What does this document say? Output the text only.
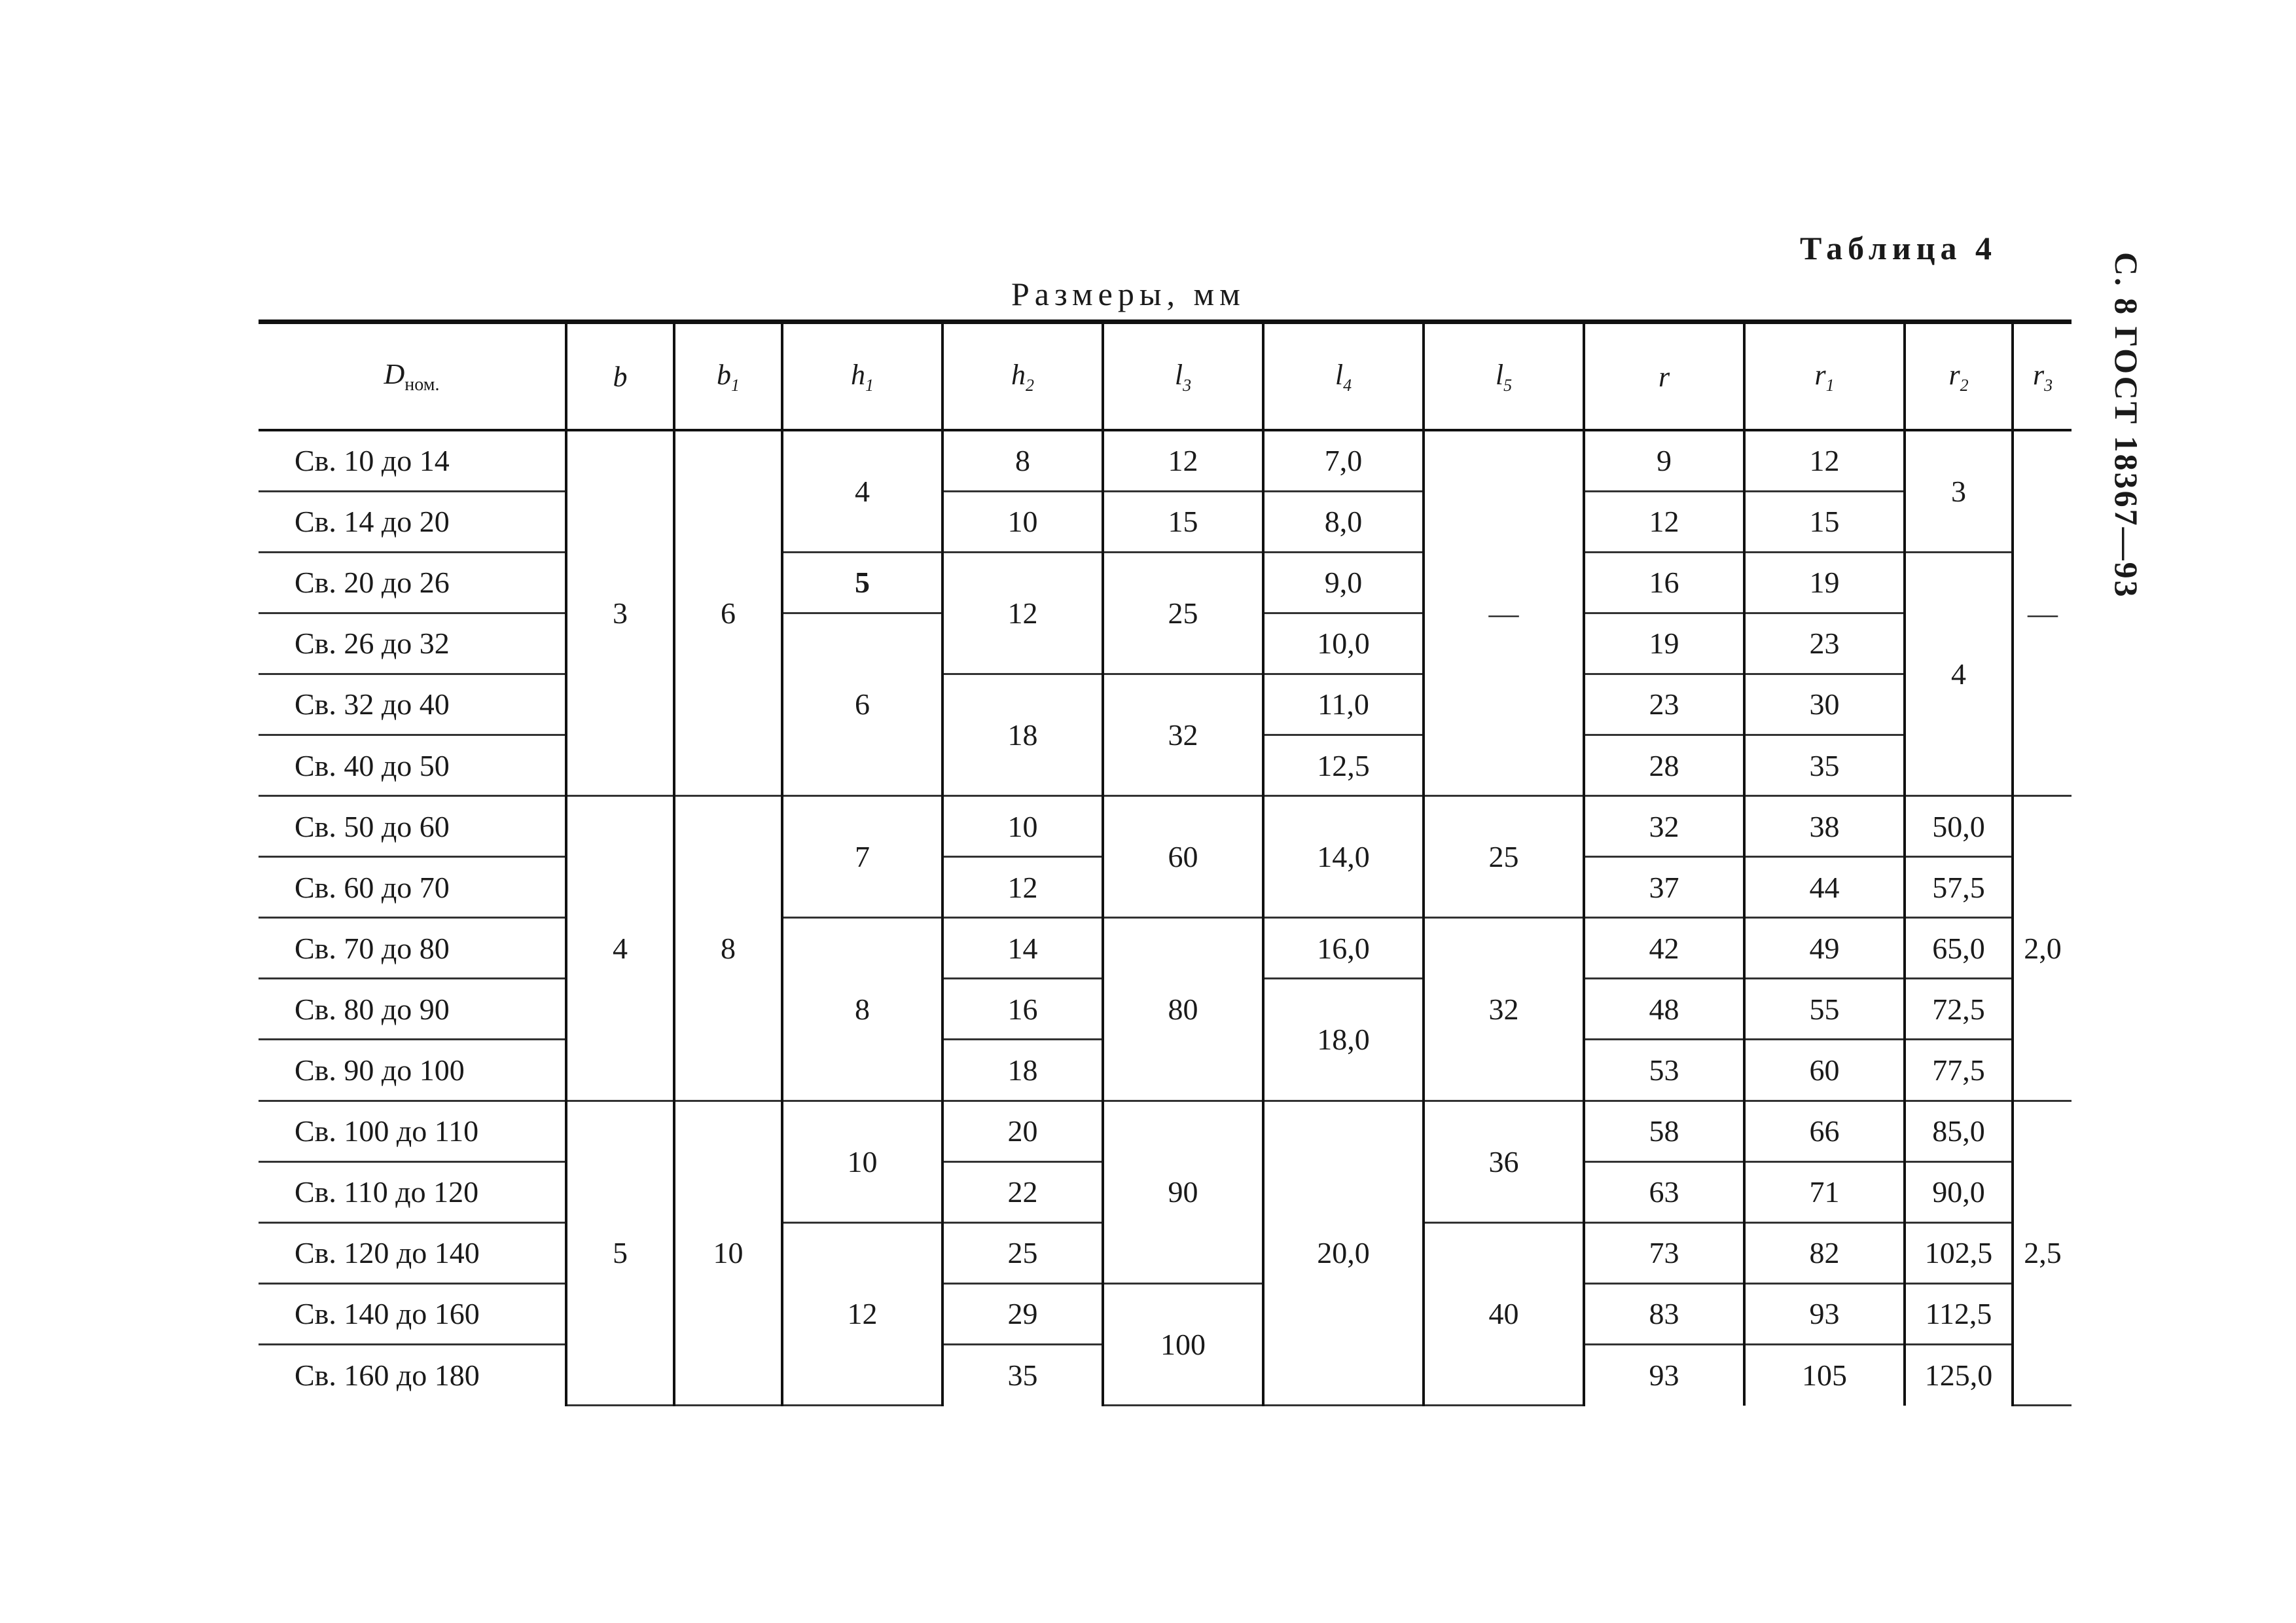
Таблица 4
Размеры, мм	С. 8 ГОСТ 18367—93
$D_{ном.}$	b	$b_1$	$h_1$	$h_2$	$l_3$	$l_4$	$l_5$	r	$r_1$	$r_2$	$r_3$
Св. 10 до 14	3	6	4	8	12	7,0	—	9	12	3	—
Св. 14 до 20				10	15	8,0		12	15		
Св. 20 до 26			5	12	25	9,0		16	19	4	
Св. 26 до 32			6			10,0		19	23		
Св. 32 до 40				18	32	11,0		23	30		
Св. 40 до 50						12,5		28	35		
Св. 50 до 60	4	8	7	10	60	14,0	25	32	38	50,0	2,0
Св. 60 до 70				12				37	44	57,5	
Св. 70 до 80			8	14	80	16,0	32	42	49	65,0	
Св. 80 до 90				16		18,0		48	55	72,5	
Св. 90 до 100				18				53	60	77,5	
Св. 100 до 110	5	10	10	20	90	20,0	36	58	66	85,0	2,5
Св. 110 до 120				22				63	71	90,0	
Св. 120 до 140			12	25			40	73	82	102,5	
Св. 140 до 160				29	100			83	93	112,5	
Св. 160 до 180				35				93	105	125,0	
